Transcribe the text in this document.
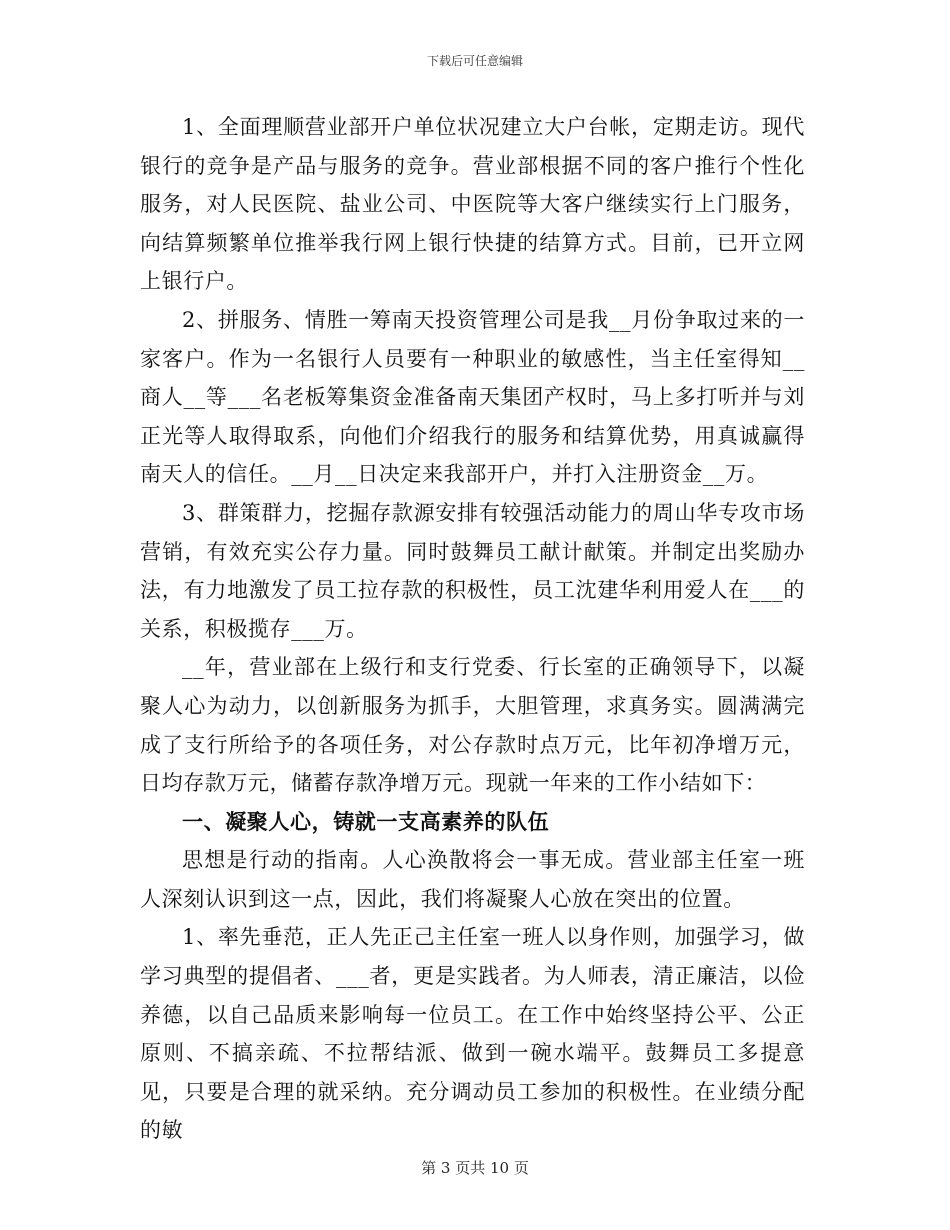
下载后可任意编辑

1、全面理顺营业部开户单位状况建立大户台帐，定期走访。现代银行的竞争是产品与服务的竞争。营业部根据不同的客户推行个性化服务，对人民医院、盐业公司、中医院等大客户继续实行上门服务，向结算频繁单位推举我行网上银行快捷的结算方式。目前，已开立网上银行户。

2、拼服务、情胜一筹南天投资管理公司是我__月份争取过来的一家客户。作为一名银行人员要有一种职业的敏感性，当主任室得知__商人__等___名老板筹集资金准备南天集团产权时，马上多打听并与刘正光等人取得取系，向他们介绍我行的服务和结算优势，用真诚赢得南天人的信任。__月__日决定来我部开户，并打入注册资金__万。

3、群策群力，挖掘存款源安排有较强活动能力的周山华专攻市场营销，有效充实公存力量。同时鼓舞员工献计献策。并制定出奖励办法，有力地激发了员工拉存款的积极性，员工沈建华利用爱人在___的关系，积极揽存___万。

__年，营业部在上级行和支行党委、行长室的正确领导下，以凝聚人心为动力，以创新服务为抓手，大胆管理，求真务实。圆满满完成了支行所给予的各项任务，对公存款时点万元，比年初净增万元，日均存款万元，储蓄存款净增万元。现就一年来的工作小结如下：

一、凝聚人心，铸就一支高素养的队伍

思想是行动的指南。人心涣散将会一事无成。营业部主任室一班人深刻认识到这一点，因此，我们将凝聚人心放在突出的位置。

1、率先垂范，正人先正己主任室一班人以身作则，加强学习，做学习典型的提倡者、___者，更是实践者。为人师表，清正廉洁，以俭养德，以自己品质来影响每一位员工。在工作中始终坚持公平、公正原则、不搞亲疏、不拉帮结派、做到一碗水端平。鼓舞员工多提意见，只要是合理的就采纳。充分调动员工参加的积极性。在业绩分配的敏

第 3 页共 10 页
